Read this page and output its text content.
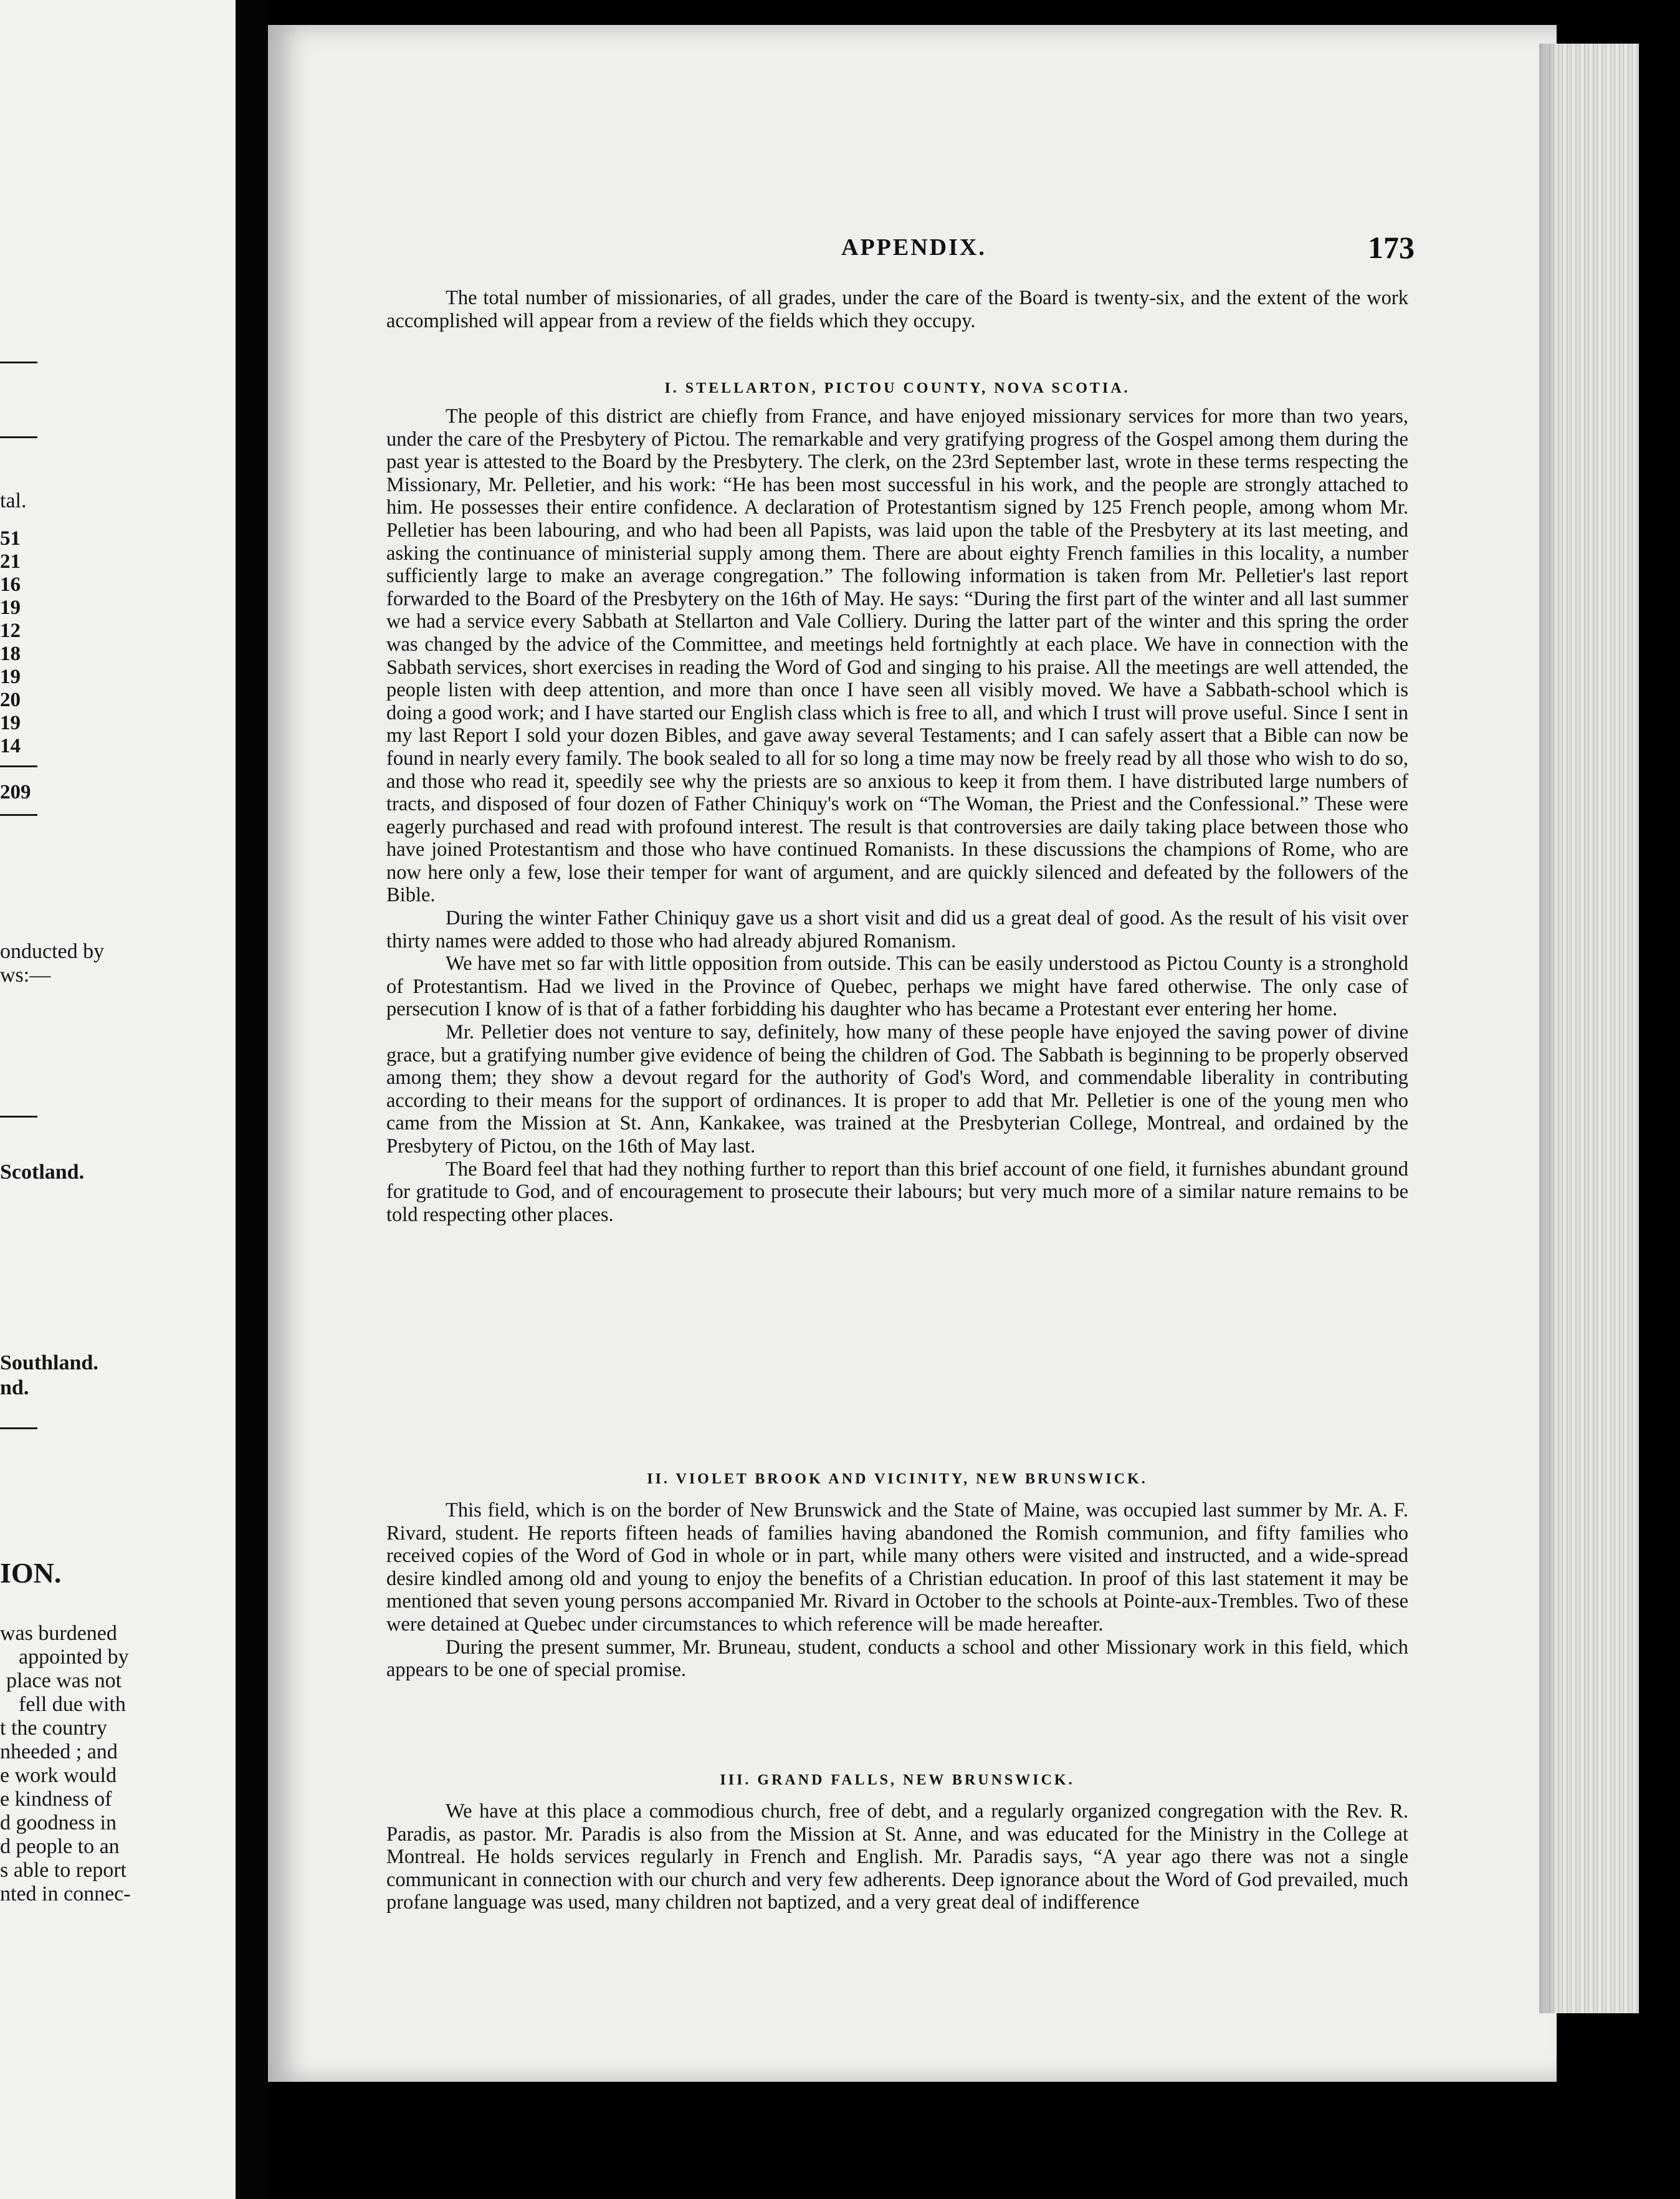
tal.
51
21
16
19
12
18
19
20
19
14
209
onducted by
ws:—
Scotland.
Southland.
nd.
ION.
was burdened
appointed by
place was not
fell due with
t the country
nheeded ; and
e work would
e kindness of
d goodness in
d people to an
s able to report
nted in connec-
APPENDIX.	173

The total number of missionaries, of all grades, under the care of the Board is twenty-six, and the extent of the work accomplished will appear from a review of the fields which they occupy.

I. STELLARTON, PICTOU COUNTY, NOVA SCOTIA.

The people of this district are chiefly from France, and have enjoyed missionary services for more than two years, under the care of the Presbytery of Pictou. The remarkable and very gratifying progress of the Gospel among them during the past year is attested to the Board by the Presbytery. The clerk, on the 23rd September last, wrote in these terms respecting the Missionary, Mr. Pelletier, and his work: “He has been most successful in his work, and the people are strongly attached to him. He possesses their entire confidence. A declaration of Protestantism signed by 125 French people, among whom Mr. Pelletier has been labouring, and who had been all Papists, was laid upon the table of the Presbytery at its last meeting, and asking the continuance of ministerial supply among them. There are about eighty French families in this locality, a number sufficiently large to make an average congregation.” The following information is taken from Mr. Pelletier's last report forwarded to the Board of the Presbytery on the 16th of May. He says: “During the first part of the winter and all last summer we had a service every Sabbath at Stellarton and Vale Colliery. During the latter part of the winter and this spring the order was changed by the advice of the Committee, and meetings held fortnightly at each place. We have in connection with the Sabbath services, short exercises in reading the Word of God and singing to his praise. All the meetings are well attended, the people listen with deep attention, and more than once I have seen all visibly moved. We have a Sabbath-school which is doing a good work; and I have started our English class which is free to all, and which I trust will prove useful. Since I sent in my last Report I sold your dozen Bibles, and gave away several Testaments; and I can safely assert that a Bible can now be found in nearly every family. The book sealed to all for so long a time may now be freely read by all those who wish to do so, and those who read it, speedily see why the priests are so anxious to keep it from them. I have distributed large numbers of tracts, and disposed of four dozen of Father Chiniquy's work on “The Woman, the Priest and the Confessional.” These were eagerly purchased and read with profound interest. The result is that controversies are daily taking place between those who have joined Protestantism and those who have continued Romanists. In these discussions the champions of Rome, who are now here only a few, lose their temper for want of argument, and are quickly silenced and defeated by the followers of the Bible.

During the winter Father Chiniquy gave us a short visit and did us a great deal of good. As the result of his visit over thirty names were added to those who had already abjured Romanism.

We have met so far with little opposition from outside. This can be easily understood as Pictou County is a stronghold of Protestantism. Had we lived in the Province of Quebec, perhaps we might have fared otherwise. The only case of persecution I know of is that of a father forbidding his daughter who has became a Protestant ever entering her home.

Mr. Pelletier does not venture to say, definitely, how many of these people have enjoyed the saving power of divine grace, but a gratifying number give evidence of being the children of God. The Sabbath is beginning to be properly observed among them; they show a devout regard for the authority of God's Word, and commendable liberality in contributing according to their means for the support of ordinances. It is proper to add that Mr. Pelletier is one of the young men who came from the Mission at St. Ann, Kankakee, was trained at the Presbyterian College, Montreal, and ordained by the Presbytery of Pictou, on the 16th of May last.

The Board feel that had they nothing further to report than this brief account of one field, it furnishes abundant ground for gratitude to God, and of encouragement to prosecute their labours; but very much more of a similar nature remains to be told respecting other places.

II. VIOLET BROOK AND VICINITY, NEW BRUNSWICK.

This field, which is on the border of New Brunswick and the State of Maine, was occupied last summer by Mr. A. F. Rivard, student. He reports fifteen heads of families having abandoned the Romish communion, and fifty families who received copies of the Word of God in whole or in part, while many others were visited and instructed, and a wide-spread desire kindled among old and young to enjoy the benefits of a Christian education. In proof of this last statement it may be mentioned that seven young persons accompanied Mr. Rivard in October to the schools at Pointe-aux-Trembles. Two of these were detained at Quebec under circumstances to which reference will be made hereafter.

During the present summer, Mr. Bruneau, student, conducts a school and other Missionary work in this field, which appears to be one of special promise.

III. GRAND FALLS, NEW BRUNSWICK.

We have at this place a commodious church, free of debt, and a regularly organized congregation with the Rev. R. Paradis, as pastor. Mr. Paradis is also from the Mission at St. Anne, and was educated for the Ministry in the College at Montreal. He holds services regularly in French and English. Mr. Paradis says, “A year ago there was not a single communicant in connection with our church and very few adherents. Deep ignorance about the Word of God prevailed, much profane language was used, many children not baptized, and a very great deal of indifference
